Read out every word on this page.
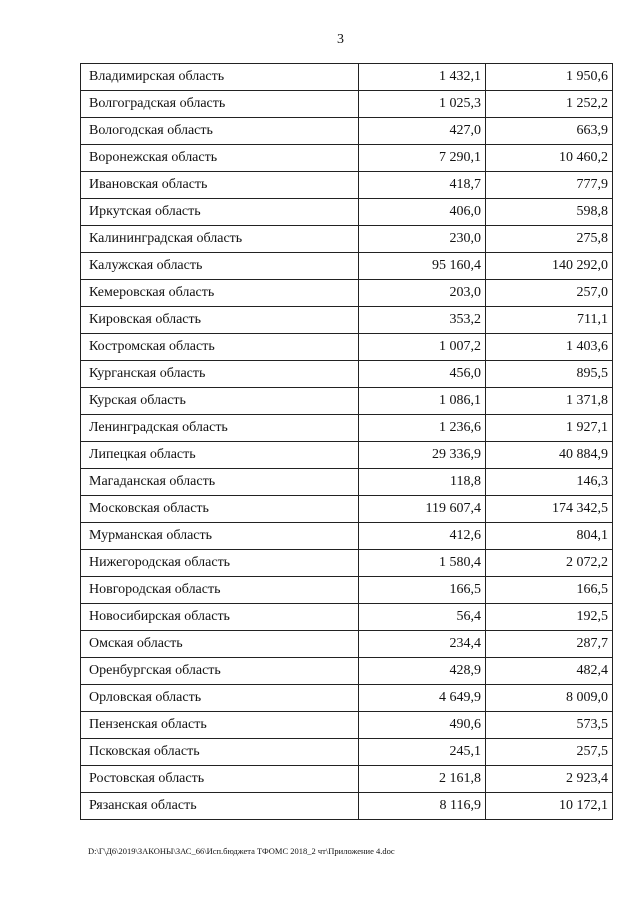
3
Владимирская область	1 432,1	1 950,6
Волгоградская область	1 025,3	1 252,2
Вологодская область	427,0	663,9
Воронежская область	7 290,1	10 460,2
Ивановская область	418,7	777,9
Иркутская область	406,0	598,8
Калининградская область	230,0	275,8
Калужская область	95 160,4	140 292,0
Кемеровская область	203,0	257,0
Кировская область	353,2	711,1
Костромская область	1 007,2	1 403,6
Курганская область	456,0	895,5
Курская область	1 086,1	1 371,8
Ленинградская область	1 236,6	1 927,1
Липецкая область	29 336,9	40 884,9
Магаданская область	118,8	146,3
Московская область	119 607,4	174 342,5
Мурманская область	412,6	804,1
Нижегородская область	1 580,4	2 072,2
Новгородская область	166,5	166,5
Новосибирская область	56,4	192,5
Омская область	234,4	287,7
Оренбургская область	428,9	482,4
Орловская область	4 649,9	8 009,0
Пензенская область	490,6	573,5
Псковская область	245,1	257,5
Ростовская область	2 161,8	2 923,4
Рязанская область	8 116,9	10 172,1
D:\Г\Д6\2019\ЗАКОНЫ\ЗАС_66\Исп.бюджета ТФОМС 2018_2 чт\Приложение 4.doc
